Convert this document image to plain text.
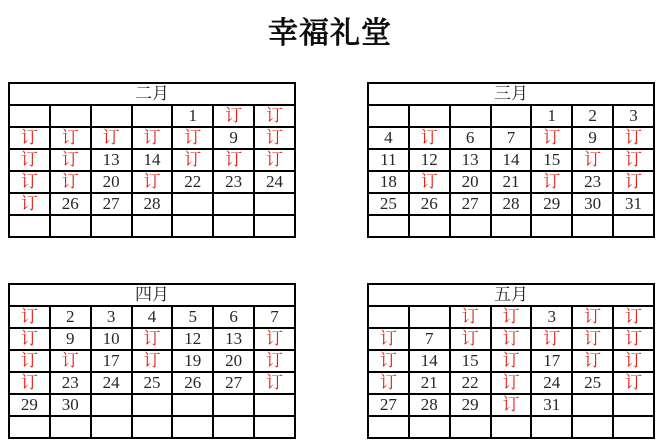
幸福礼堂
二月						
				1	订	订
订	订	订	订	订	9	订
订	订	13	14	订	订	订
订	订	20	订	22	23	24
订	26	27	28			

三月						
				1	2	3
4	订	6	7	订	9	订
11	12	13	14	15	订	订
18	订	20	21	订	23	订
25	26	27	28	29	30	31

四月						
订	2	3	4	5	6	7
订	9	10	订	12	13	订
订	订	17	订	19	20	订
订	23	24	25	26	27	订
29	30					

五月						
		订	订	3	订	订
订	7	订	订	订	订	订
订	14	15	订	17	订	订
订	21	22	订	24	25	订
27	28	29	订	31		
